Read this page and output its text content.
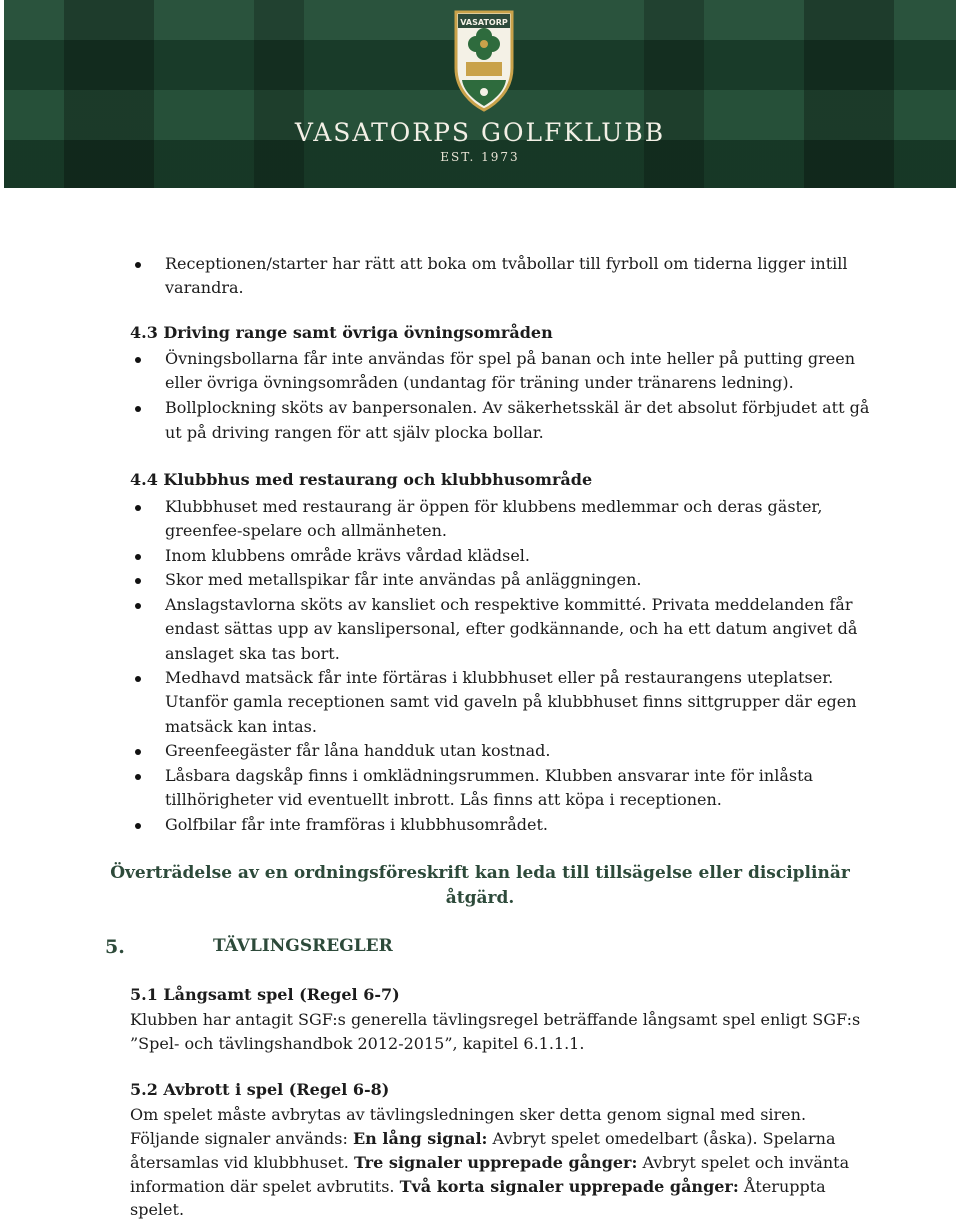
VASATORP
VASATORPS GOLFKLUBB
EST. 1973
Receptionen/starter har rätt att boka om tvåbollar till fyrboll om tiderna ligger intill
varandra.
4.3 Driving range samt övriga övningsområden
Övningsbollarna får inte användas för spel på banan och inte heller på putting green
eller övriga övningsområden (undantag för träning under tränarens ledning).
Bollplockning sköts av banpersonalen. Av säkerhetsskäl är det absolut förbjudet att gå
ut på driving rangen för att själv plocka bollar.
4.4 Klubbhus med restaurang och klubbhusområde
Klubbhuset med restaurang är öppen för klubbens medlemmar och deras gäster,
greenfee-spelare och allmänheten.
Inom klubbens område krävs vårdad klädsel.
Skor med metallspikar får inte användas på anläggningen.
Anslagstavlorna sköts av kansliet och respektive kommitté. Privata meddelanden får
endast sättas upp av kanslipersonal, efter godkännande, och ha ett datum angivet då
anslaget ska tas bort.
Medhavd matsäck får inte förtäras i klubbhuset eller på restaurangens uteplatser.
Utanför gamla receptionen samt vid gaveln på klubbhuset finns sittgrupper där egen
matsäck kan intas.
Greenfeegäster får låna handduk utan kostnad.
Låsbara dagskåp finns i omklädningsrummen. Klubben ansvarar inte för inlåsta
tillhörigheter vid eventuellt inbrott. Lås finns att köpa i receptionen.
Golfbilar får inte framföras i klubbhusområdet.
Överträdelse av en ordningsföreskrift kan leda till tillsägelse eller disciplinär
åtgärd.
5.	TÄVLINGSREGLER
5.1 Långsamt spel (Regel 6-7)
Klubben har antagit SGF:s generella tävlingsregel beträffande långsamt spel enligt SGF:s
”Spel- och tävlingshandbok 2012-2015”, kapitel 6.1.1.1.
5.2 Avbrott i spel (Regel 6-8)
Om spelet måste avbrytas av tävlingsledningen sker detta genom signal med siren.
Följande signaler används: En lång signal: Avbryt spelet omedelbart (åska). Spelarna
återsamlas vid klubbhuset. Tre signaler upprepade gånger: Avbryt spelet och invänta
information där spelet avbrutits. Två korta signaler upprepade gånger: Återuppta
spelet.
